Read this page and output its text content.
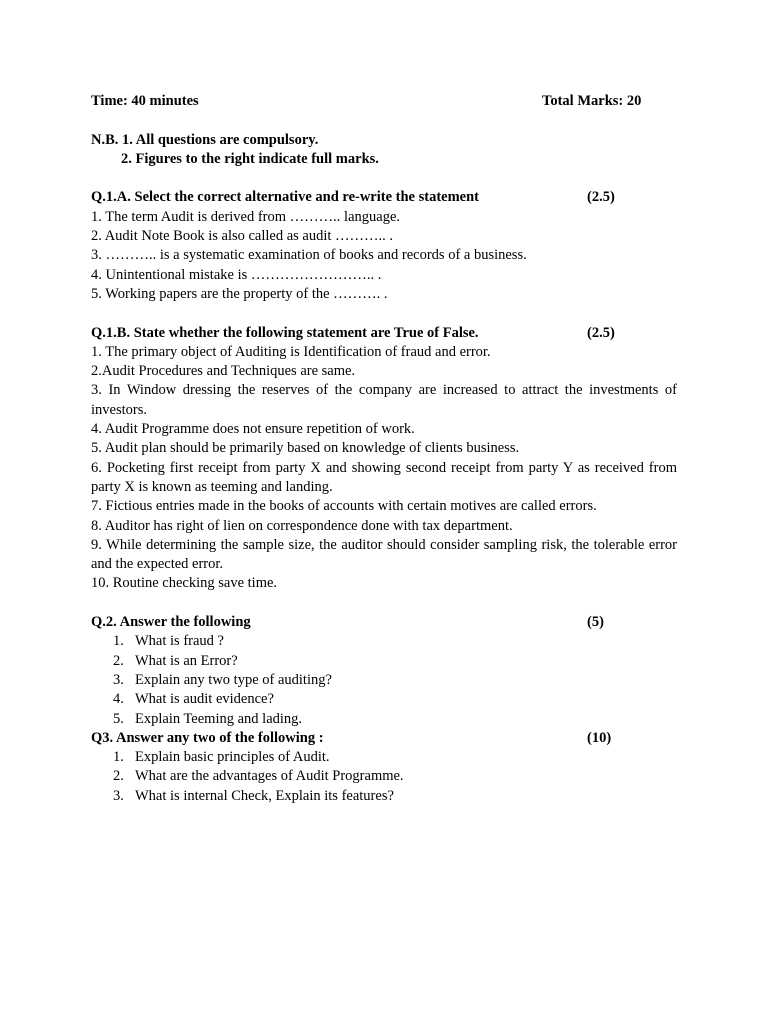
Time: 40 minutes	Total Marks: 20
N.B. 1. All questions are compulsory.
2. Figures to the right indicate full marks.
Q.1.A. Select the correct alternative and re-write the statement	(2.5)
1. The term Audit is derived from ……….. language.
2. Audit Note Book is also called as audit ……….. .
3. ……….. is a systematic examination of books and records of a business.
4. Unintentional mistake is …………………….. .
5. Working papers are the property of the ………. .
Q.1.B. State whether the following statement are True of False.	(2.5)
1. The primary object of Auditing is Identification of fraud and error.
2.Audit Procedures and Techniques are same.
3. In Window dressing the reserves of the company are increased to attract the investments of investors.
4. Audit Programme does not ensure repetition of work.
5. Audit plan should be primarily based on knowledge of clients business.
6. Pocketing first receipt from party X and showing second receipt from party Y as received from party X is known as teeming and landing.
7. Fictious entries made in the books of accounts with certain motives are called errors.
8. Auditor has right of lien on correspondence done with tax department.
9. While determining the sample size, the auditor should consider sampling risk, the tolerable error and the expected error.
10. Routine checking save time.
Q.2. Answer the following	(5)
1. What is fraud ?
2. What is an Error?
3. Explain any two type of auditing?
4. What is audit evidence?
5. Explain Teeming and lading.
Q3. Answer any two of the following :	(10)
1. Explain basic principles of Audit.
2. What are the advantages of Audit Programme.
3. What is internal Check, Explain its features?
